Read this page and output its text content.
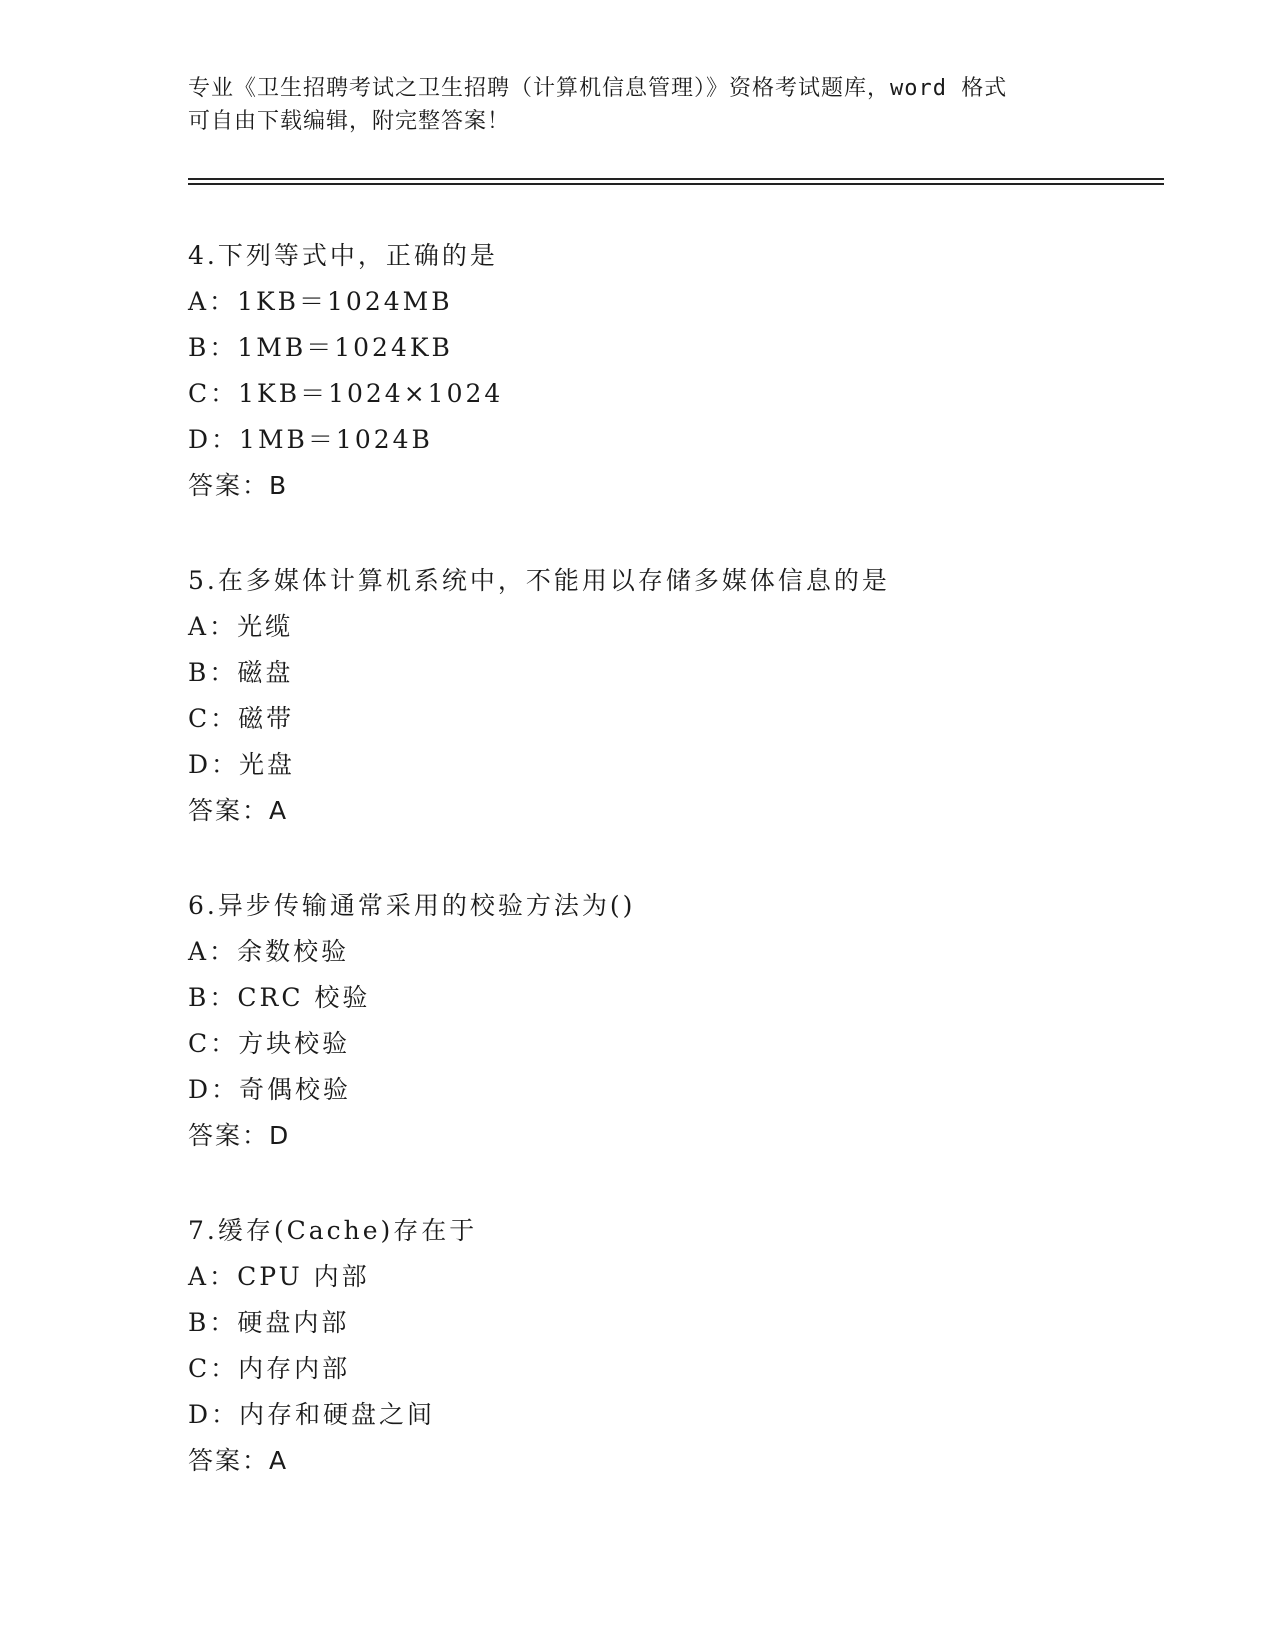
专业《卫生招聘考试之卫生招聘（计算机信息管理）》资格考试题库，word 格式
可自由下载编辑，附完整答案！
4.下列等式中，正确的是
A：1KB＝1024MB
B：1MB＝1024KB
C：1KB＝1024×1024
D：1MB＝1024B
答案：B
5.在多媒体计算机系统中，不能用以存储多媒体信息的是
A：光缆
B：磁盘
C：磁带
D：光盘
答案：A
6.异步传输通常采用的校验方法为()
A：余数校验
B：CRC 校验
C：方块校验
D：奇偶校验
答案：D
7.缓存(Cache)存在于
A：CPU 内部
B：硬盘内部
C：内存内部
D：内存和硬盘之间
答案：A
